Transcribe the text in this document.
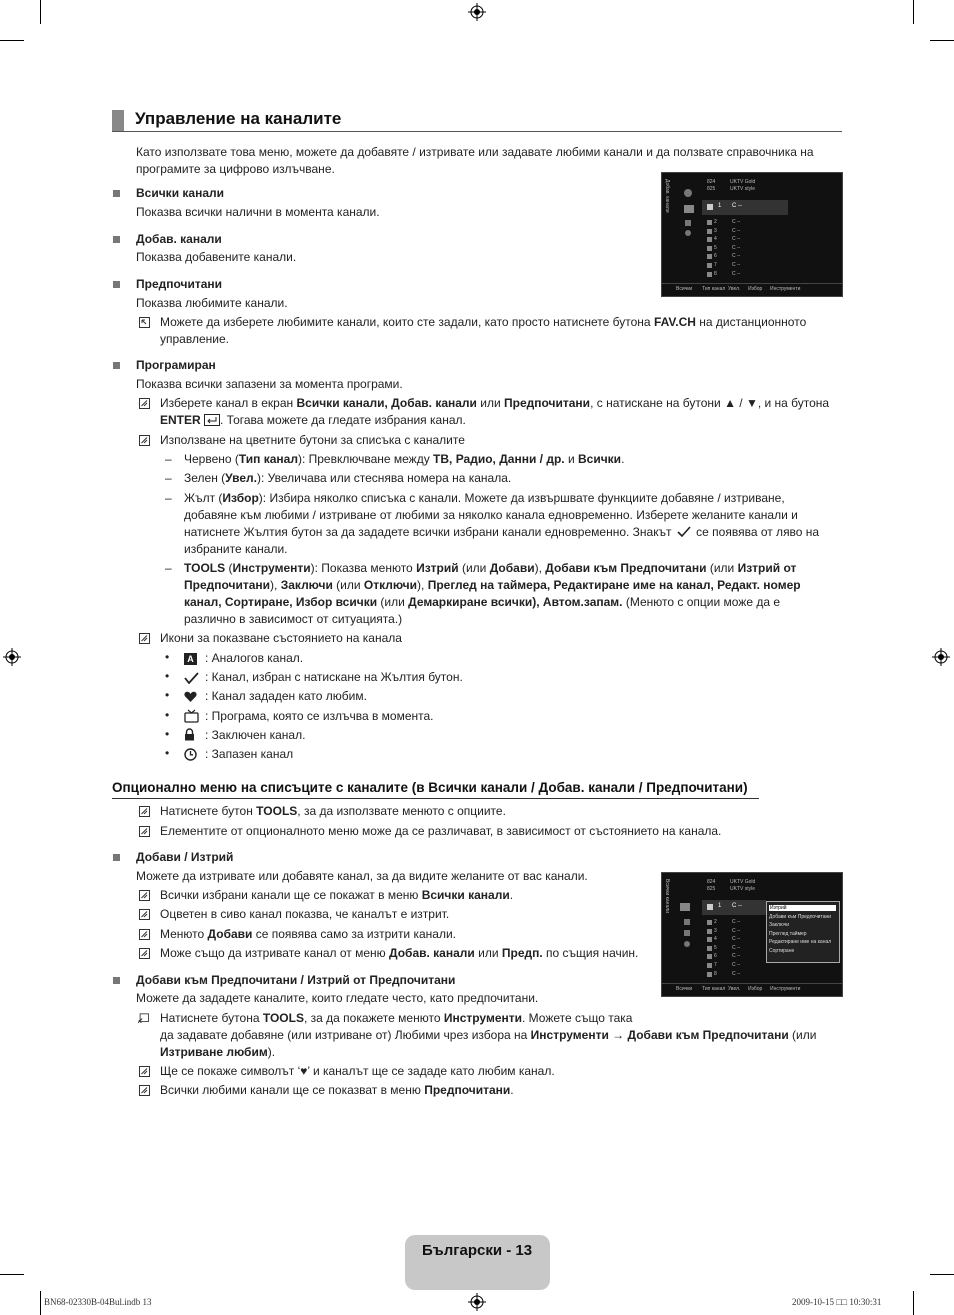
Управление на каналите
Като използвате това меню, можете да добавяте / изтривате или задавате любими канали и да ползвате справочника на програмите за цифрово излъчване.
Всички канали
Показва всички налични в момента канали.
Добав. канали
Показва добавените канали.
Предпочитани
Показва любимите канали.
Можете да изберете любимите канали, които сте задали, като просто натиснете бутона FAV.CH на дистанционното управление.
Програмиран
Показва всички запазени за момента програми.
Изберете канал в екран Всички канали, Добав. канали или Предпочитани, с натискане на бутони ▲ / ▼, и на бутона
ENTER . Тогава можете да гледате избрания канал.
Използване на цветните бутони за списъка с каналите
– Червено (Тип канал): Превключване между ТВ, Радио, Данни / др. и Всички.
– Зелен (Увел.): Увеличава или стеснява номера на канала.
– Жълт (Избор): Избира няколко списъка с канали. Можете да извършвате функциите добавяне / изтриване,
добавяне към любими / изтриване от любими за няколко канала едновременно. Изберете желаните канали и
натиснете Жълтия бутон за да зададете всички избрани канали едновременно. Знакът се появява от ляво на
избраните канали.
– TOOLS (Инструменти): Показва менюто Изтрий (или Добави), Добави към Предпочитани (или Изтрий от
Предпочитани), Заключи (или Отключи), Преглед на таймера, Редактиране име на канал, Редакт. номер
канал, Сортиране, Избор всички (или Демаркиране всички), Автом.запам. (Менюто с опции може да е
различно в зависимост от ситуацията.)
Икони за показване състоянието на канала
•	A : Аналогов канал.
•	: Канал, избран с натискане на Жълтия бутон.
•	: Канал зададен като любим.
•	: Програма, която се излъчва в момента.
•	: Заключен канал.
•	: Запазен канал
Опционално меню на списъците с каналите (в Всички канали / Добав. канали / Предпочитани)
Натиснете бутон TOOLS, за да използвате менюто с опциите.
Елементите от опционалното меню може да се различават, в зависимост от състоянието на канала.
Добави / Изтрий
Можете да изтривате или добавяте канал, за да видите желаните от вас канали.
Всички избрани канали ще се покажат в меню Всички канали.
Оцветен в сиво канал показва, че каналът е изтрит.
Менюто Добави се появява само за изтрити канали.
Може също да изтривате канал от меню Добав. канали или Предп. по същия начин.
Добави към Предпочитани / Изтрий от Предпочитани
Можете да зададете каналите, които гледате често, като предпочитани.
Натиснете бутона TOOLS, за да покажете менюто Инструменти. Можете също така
да задавате добавяне (или изтриване от) Любими чрез избора на Инструменти → Добави към Предпочитани (или
Изтриване любим).
Ще се покаже символът ‘♥’ и каналът ще се зададе като любим канал.
Всички любими канали ще се показват в меню Предпочитани.
Добав. канали	824	UKTV Gold
825	UKTV style
1 C --
2	C --
3	C --
4	C --
5	C --
6	C --
7	C --
8	C --
Всички Тип канал Увел. Избор Инструменти
Всички канали	824	UKTV Gold
825	UKTV style
1 C --
2	C --
3	C --
4	C --
5	C --
6	C --
7	C --
8	C --
Изтрий
Добави към Предпочитани
Заключи
Преглед таймер
Редактиране име на канал
Сортиране
Всички Тип канал Увел. Избор Инструменти
Български - 13
BN68-02330B-04Bul.indb 13	2009-10-15 □□ 10:30:31
